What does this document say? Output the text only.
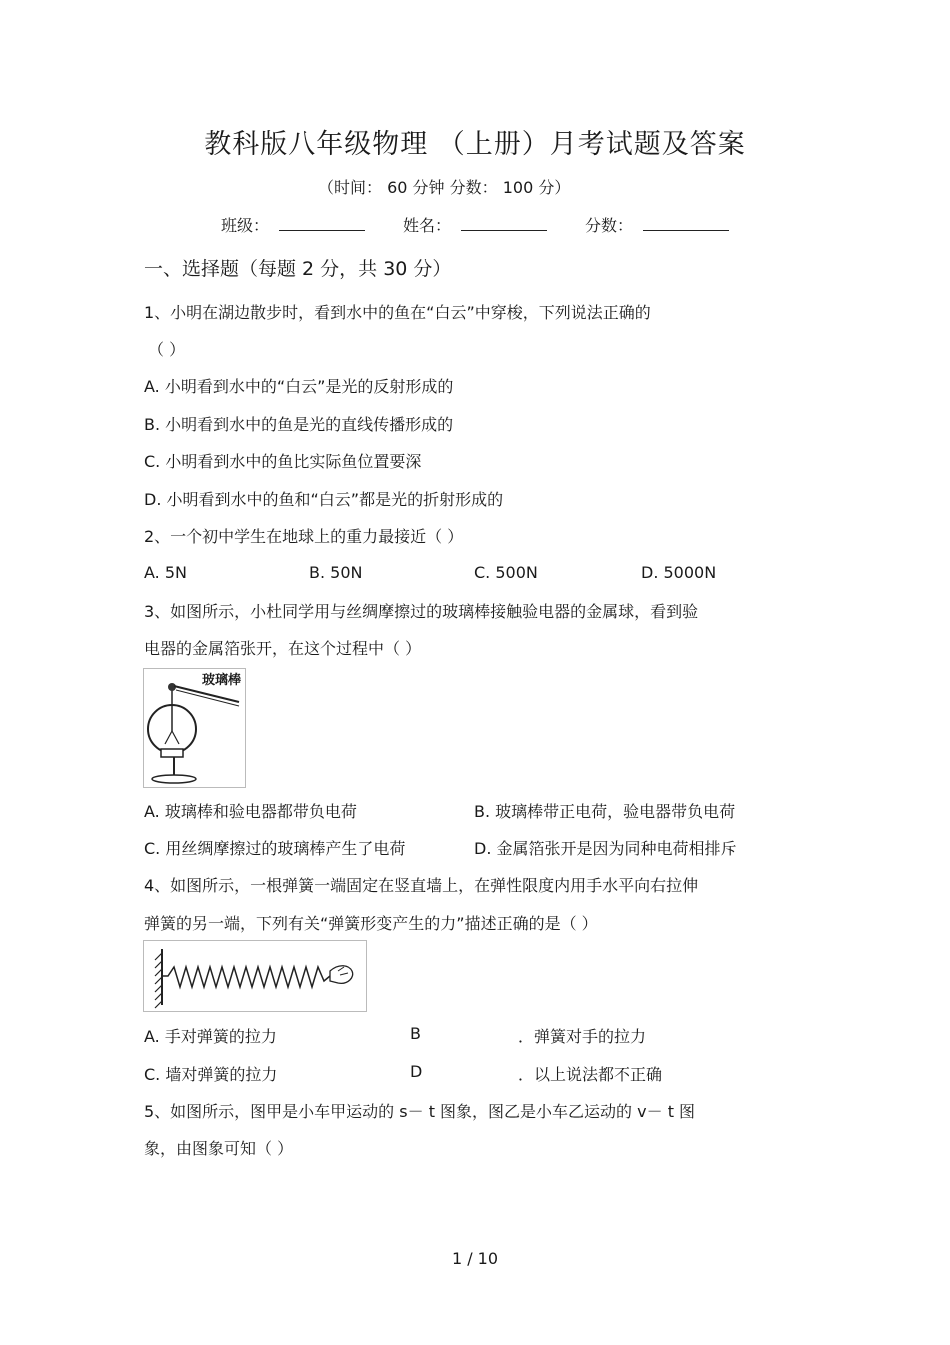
教科版八年级物理 （上册）月考试题及答案
（时间： 60 分钟 分数： 100 分）
班级：	姓名：	分数：
一、选择题（每题 2 分，共 30 分）
1、小明在湖边散步时，看到水中的鱼在“白云”中穿梭，下列说法正确的
（ ）
A. 小明看到水中的“白云”是光的反射形成的
B. 小明看到水中的鱼是光的直线传播形成的
C. 小明看到水中的鱼比实际鱼位置要深
D. 小明看到水中的鱼和“白云”都是光的折射形成的
2、一个初中学生在地球上的重力最接近（ ）
A. 5N	B. 50N	C. 500N	D. 5000N
3、如图所示，小杜同学用与丝绸摩擦过的玻璃棒接触验电器的金属球，看到验
电器的金属箔张开，在这个过程中（ ）
玻璃棒
A. 玻璃棒和验电器都带负电荷	B. 玻璃棒带正电荷，验电器带负电荷
C. 用丝绸摩擦过的玻璃棒产生了电荷	D. 金属箔张开是因为同种电荷相排斥
4、如图所示，一根弹簧一端固定在竖直墙上，在弹性限度内用手水平向右拉伸
弹簧的另一端，下列有关“弹簧形变产生的力”描述正确的是（ ）
A. 手对弹簧的拉力	B	．弹簧对手的拉力
C. 墙对弹簧的拉力	D	．以上说法都不正确
5、如图所示，图甲是小车甲运动的 s－ t 图象，图乙是小车乙运动的 v－ t 图
象，由图象可知（ ）
1 / 10
